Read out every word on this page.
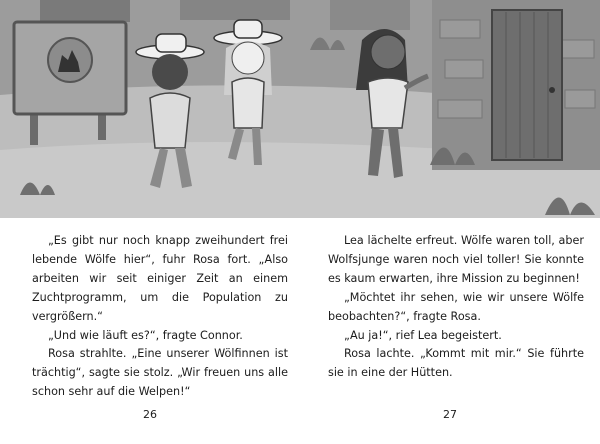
„Es gibt nur noch knapp zweihundert frei lebende Wölfe hier“, fuhr Rosa fort. „Also arbeiten wir seit einiger Zeit an einem Zuchtprogramm, um die Population zu vergrößern.“

„Und wie läuft es?“, fragte Connor.

Rosa strahlte. „Eine unserer Wölfinnen ist trächtig“, sagte sie stolz. „Wir freuen uns alle schon sehr auf die Welpen!“

Lea lächelte erfreut. Wölfe waren toll, aber Wolfsjunge waren noch viel toller! Sie konnte es kaum erwarten, ihre Mission zu beginnen!

„Möchtet ihr sehen, wie wir unsere Wölfe beobachten?“, fragte Rosa.

„Au ja!“, rief Lea begeistert.

Rosa lachte. „Kommt mit mir.“ Sie führte sie in eine der Hütten.

26	27
